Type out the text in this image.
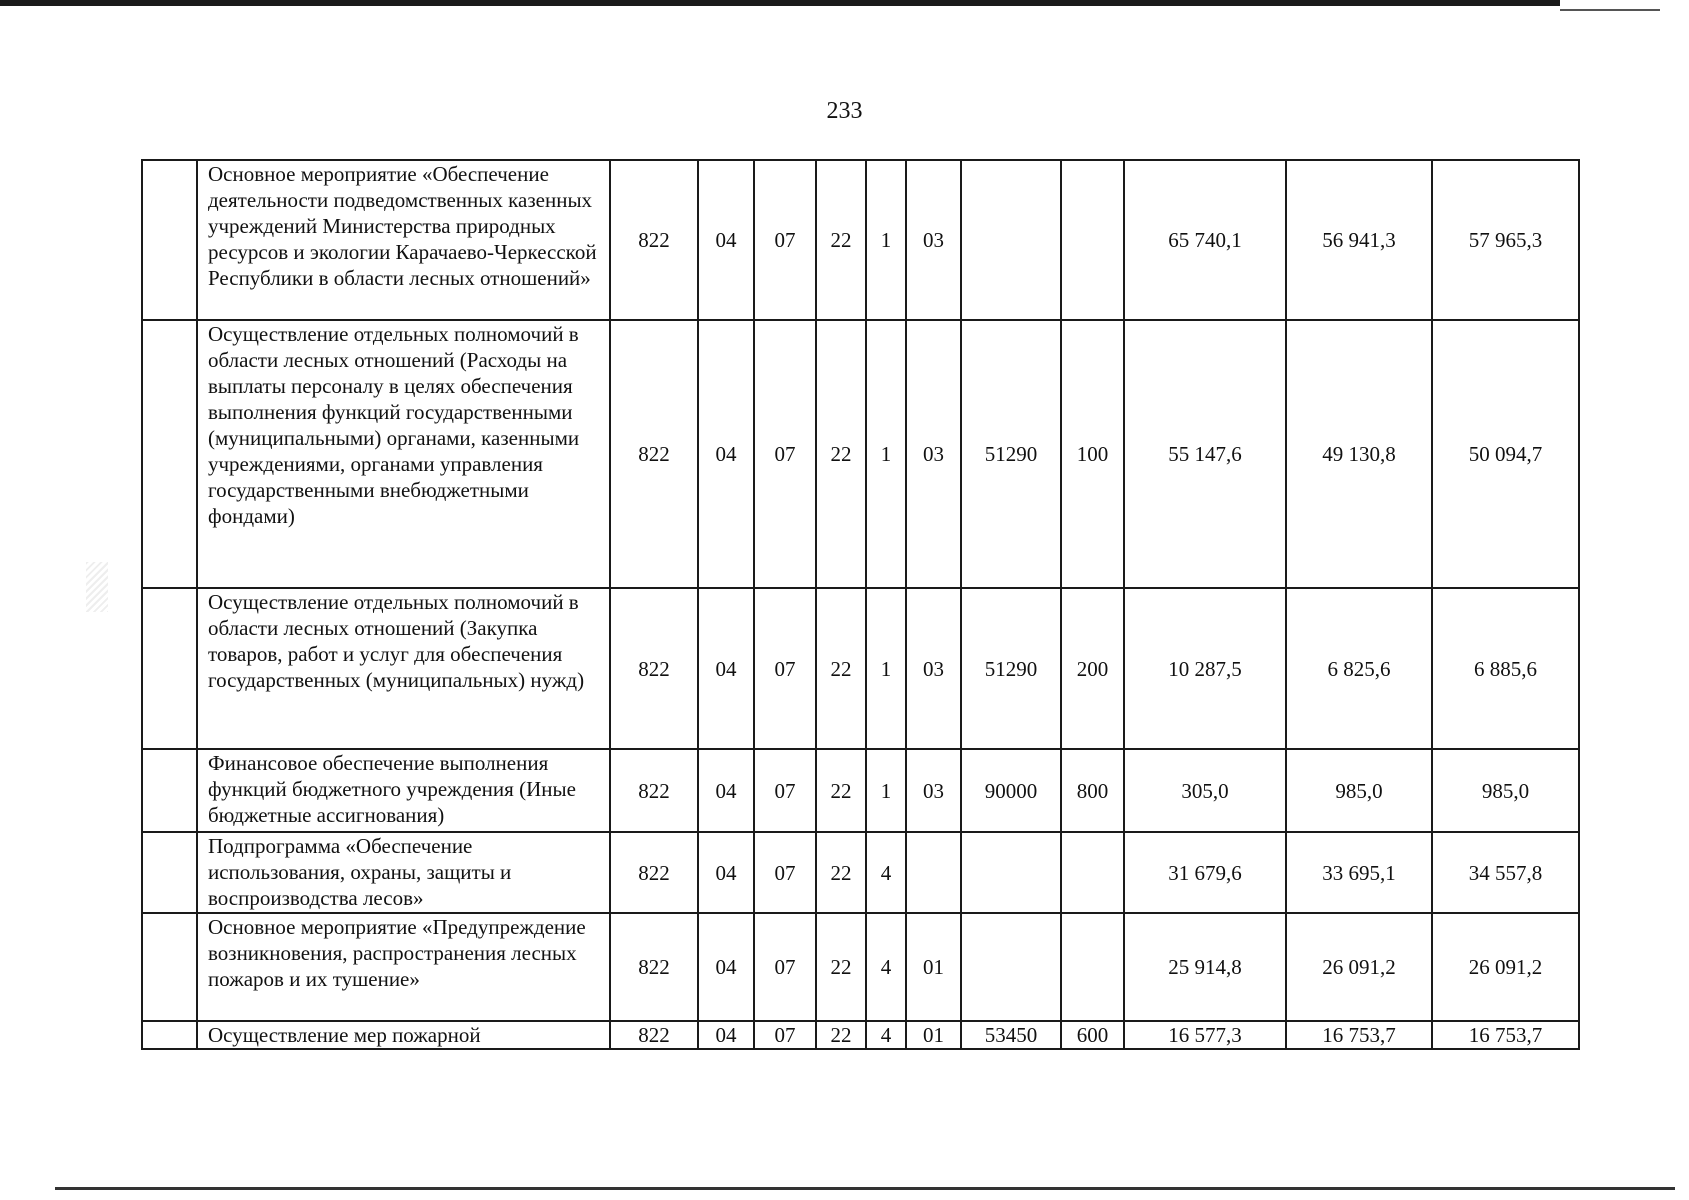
233
	Основное мероприятие «Обеспечение деятельности подведомственных казенных учреждений Министерства природных ресурсов и экологии Карачаево-Черкесской Республики в области лесных отношений»	822	04	07	22	1	03			65 740,1	56 941,3	57 965,3
	Осуществление отдельных полномочий в области лесных отношений (Расходы на выплаты персоналу в целях обеспечения выполнения функций государственными (муниципальными) органами, казенными учреждениями, органами управления государственными внебюджетными фондами)	822	04	07	22	1	03	51290	100	55 147,6	49 130,8	50 094,7
	Осуществление отдельных полномочий в области лесных отношений (Закупка товаров, работ и услуг для обеспечения государственных (муниципальных) нужд)	822	04	07	22	1	03	51290	200	10 287,5	6 825,6	6 885,6
	Финансовое обеспечение выполнения функций бюджетного учреждения (Иные бюджетные ассигнования)	822	04	07	22	1	03	90000	800	305,0	985,0	985,0
	Подпрограмма «Обеспечение использования, охраны, защиты и воспроизводства лесов»	822	04	07	22	4				31 679,6	33 695,1	34 557,8
	Основное мероприятие «Предупреждение возникновения, распространения лесных пожаров и их тушение»	822	04	07	22	4	01			25 914,8	26 091,2	26 091,2
	Осуществление мер пожарной	822	04	07	22	4	01	53450	600	16 577,3	16 753,7	16 753,7
